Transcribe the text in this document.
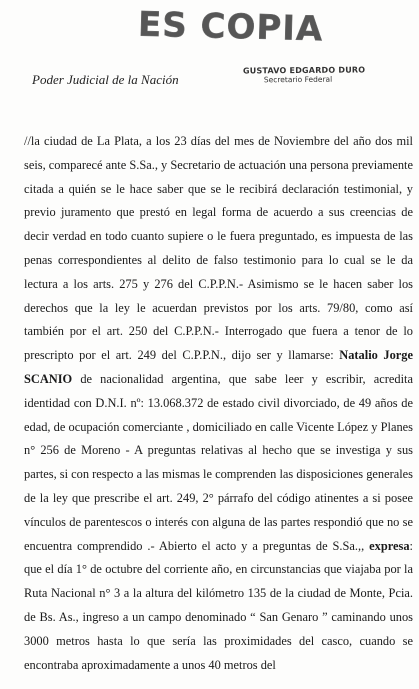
ES COPIA
Poder Judicial de la Nación
GUSTAVO EDGARDO DURO
Secretario Federal

//la ciudad de La Plata, a los 23 días del mes de Noviembre del año dos mil seis, comparecé ante S.Sa., y Secretario de actuación una persona previamente citada a quién se le hace saber que se le recibirá declaración testimonial, y previo juramento que prestó en legal forma de acuerdo a sus creencias de decir verdad en todo cuanto supiere o le fuera preguntado, es impuesta de las penas correspondientes al delito de falso testimonio para lo cual se le da lectura a los arts. 275 y 276 del C.P.P.N.- Asimismo se le hacen saber los derechos que la ley le acuerdan previstos por los arts. 79/80, como así también por el art. 250 del C.P.P.N.- Interrogado que fuera a tenor de lo prescripto por el art. 249 del C.P.P.N., dijo ser y llamarse: Natalio Jorge SCANIO de nacionalidad argentina, que sabe leer y escribir, acredita identidad con D.N.I. nº: 13.068.372 de estado civil divorciado, de 49 años de edad, de ocupación comerciante , domiciliado en calle Vicente López y Planes n° 256 de Moreno - A preguntas relativas al hecho que se investiga y sus partes, si con respecto a las mismas le comprenden las disposiciones generales de la ley que prescribe el art. 249, 2° párrafo del código atinentes a si posee vínculos de parentescos o interés con alguna de las partes respondió que no se encuentra comprendido .- Abierto el acto y a preguntas de S.Sa.,, expresa: que el día 1° de octubre del corriente año, en circunstancias que viajaba por la Ruta Nacional n° 3 a la altura del kilómetro 135 de la ciudad de Monte, Pcia. de Bs. As., ingreso a un campo denominado “ San Genaro ” caminando unos 3000 metros hasta lo que sería las proximidades del casco, cuando se encontraba aproximadamente a unos 40 metros del
